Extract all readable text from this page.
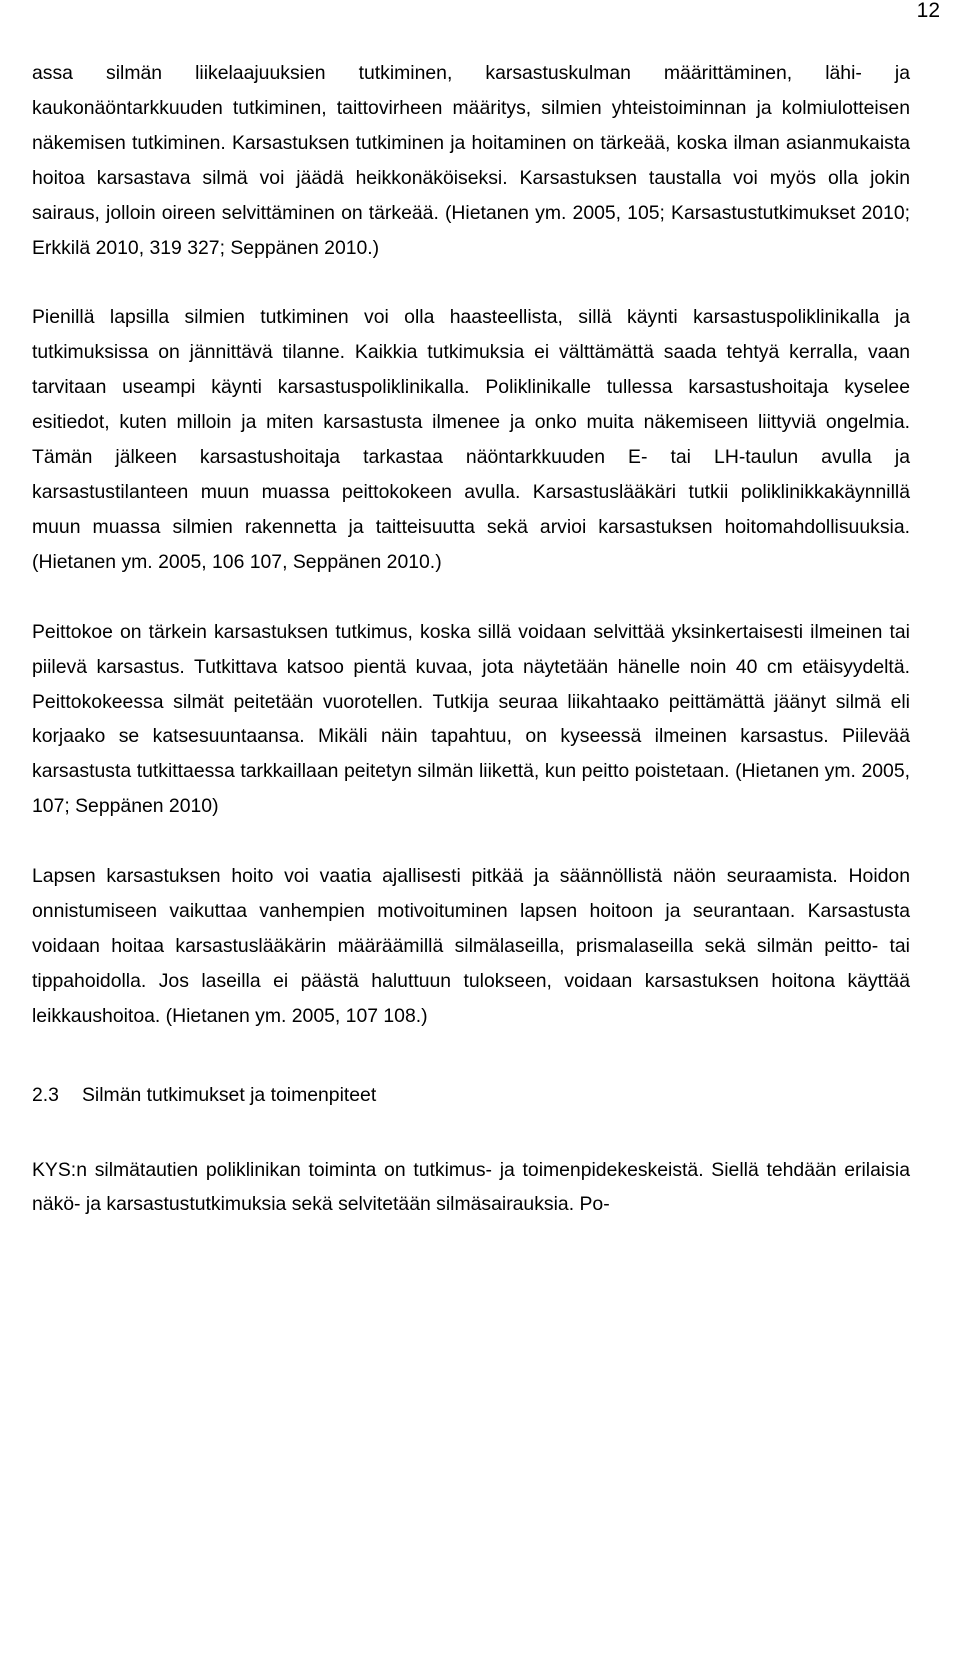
12

assa silmän liikelaajuuksien tutkiminen, karsastuskulman määrittäminen, lähi- ja kaukonäöntarkkuuden tutkiminen, taittovirheen määritys, silmien yhteistoiminnan ja kolmiulotteisen näkemisen tutkiminen. Karsastuksen tutkiminen ja hoitaminen on tärkeää, koska ilman asianmukaista hoitoa karsastava silmä voi jäädä heikkonäköiseksi. Karsastuksen taustalla voi myös olla jokin sairaus, jolloin oireen selvittäminen on tärkeää. (Hietanen ym. 2005, 105; Karsastustutkimukset 2010; Erkkilä 2010, 319 327; Seppänen 2010.)

Pienillä lapsilla silmien tutkiminen voi olla haasteellista, sillä käynti karsastuspoliklinikalla ja tutkimuksissa on jännittävä tilanne. Kaikkia tutkimuksia ei välttämättä saada tehtyä kerralla, vaan tarvitaan useampi käynti karsastuspoliklinikalla. Poliklinikalle tullessa karsastushoitaja kyselee esitiedot, kuten milloin ja miten karsastusta ilmenee ja onko muita näkemiseen liittyviä ongelmia. Tämän jälkeen karsastushoitaja tarkastaa näöntarkkuuden E- tai LH-taulun avulla ja karsastustilanteen muun muassa peittokokeen avulla. Karsastuslääkäri tutkii poliklinikkakäynnillä muun muassa silmien rakennetta ja taitteisuutta sekä arvioi karsastuksen hoitomahdollisuuksia. (Hietanen ym. 2005, 106 107, Seppänen 2010.)

Peittokoe on tärkein karsastuksen tutkimus, koska sillä voidaan selvittää yksinkertaisesti ilmeinen tai piilevä karsastus. Tutkittava katsoo pientä kuvaa, jota näytetään hänelle noin 40 cm etäisyydeltä. Peittokokeessa silmät peitetään vuorotellen. Tutkija seuraa liikahtaako peittämättä jäänyt silmä eli korjaako se katsesuuntaansa. Mikäli näin tapahtuu, on kyseessä ilmeinen karsastus. Piilevää karsastusta tutkittaessa tarkkaillaan peitetyn silmän liikettä, kun peitto poistetaan. (Hietanen ym. 2005, 107; Seppänen 2010)

Lapsen karsastuksen hoito voi vaatia ajallisesti pitkää ja säännöllistä näön seuraamista. Hoidon onnistumiseen vaikuttaa vanhempien motivoituminen lapsen hoitoon ja seurantaan. Karsastusta voidaan hoitaa karsastuslääkärin määräämillä silmälaseilla, prismalaseilla sekä silmän peitto- tai tippahoidolla. Jos laseilla ei päästä haluttuun tulokseen, voidaan karsastuksen hoitona käyttää leikkaushoitoa. (Hietanen ym. 2005, 107 108.)

2.3	Silmän tutkimukset ja toimenpiteet

KYS:n silmätautien poliklinikan toiminta on tutkimus- ja toimenpidekeskeistä. Siellä tehdään erilaisia näkö- ja karsastustutkimuksia sekä selvitetään silmäsairauksia. Po-
